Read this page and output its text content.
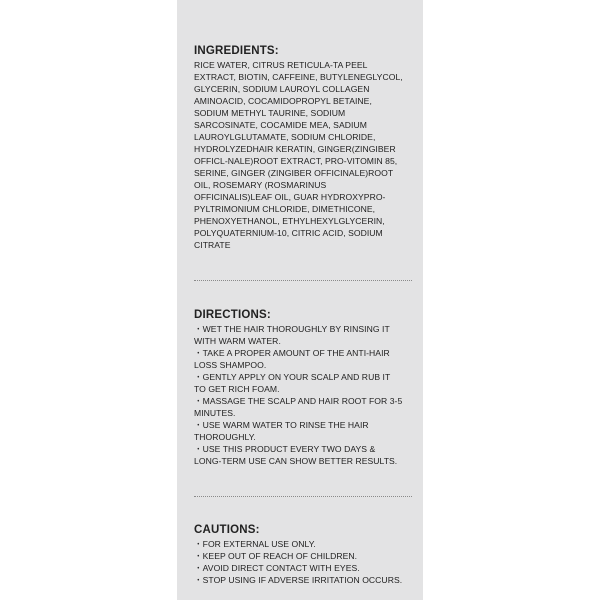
INGREDIENTS:
RICE WATER, CITRUS RETICULA-TA PEEL
EXTRACT, BIOTIN, CAFFEINE, BUTYLENEGLYCOL,
GLYCERIN, SODIUM LAUROYL COLLAGEN
AMINOACID, COCAMIDOPROPYL BETAINE,
SODIUM METHYL TAURINE, SODIUM
SARCOSINATE, COCAMIDE MEA, SADIUM
LAUROYLGLUTAMATE, SODIUM CHLORIDE,
HYDROLYZEDHAIR KERATIN, GINGER(ZINGIBER
OFFICL-NALE)ROOT EXTRACT, PRO-VITOMIN 85,
SERINE, GINGER (ZINGIBER OFFICINALE)ROOT
OIL, ROSEMARY (ROSMARINUS
OFFICINALIS)LEAF OIL, GUAR HYDROXYPRO-
PYLTRIMONIUM CHLORIDE, DIMETHICONE,
PHENOXYETHANOL, ETHYLHEXYLGLYCERIN,
POLYQUATERNIUM-10, CITRIC ACID, SODIUM
CITRATE
DIRECTIONS:
・WET THE HAIR THOROUGHLY BY RINSING IT
WITH WARM WATER.
・TAKE A PROPER AMOUNT OF THE ANTI-HAIR
LOSS SHAMPOO.
・GENTLY APPLY ON YOUR SCALP AND RUB IT
TO GET RICH FOAM.
・MASSAGE THE SCALP AND HAIR ROOT FOR 3-5
MINUTES.
・USE WARM WATER TO RINSE THE HAIR
THOROUGHLY.
・USE THIS PRODUCT EVERY TWO DAYS &
LONG-TERM USE CAN SHOW BETTER RESULTS.
CAUTIONS:
・FOR EXTERNAL USE ONLY.
・KEEP OUT OF REACH OF CHILDREN.
・AVOID DIRECT CONTACT WITH EYES.
・STOP USING IF ADVERSE IRRITATION OCCURS.
